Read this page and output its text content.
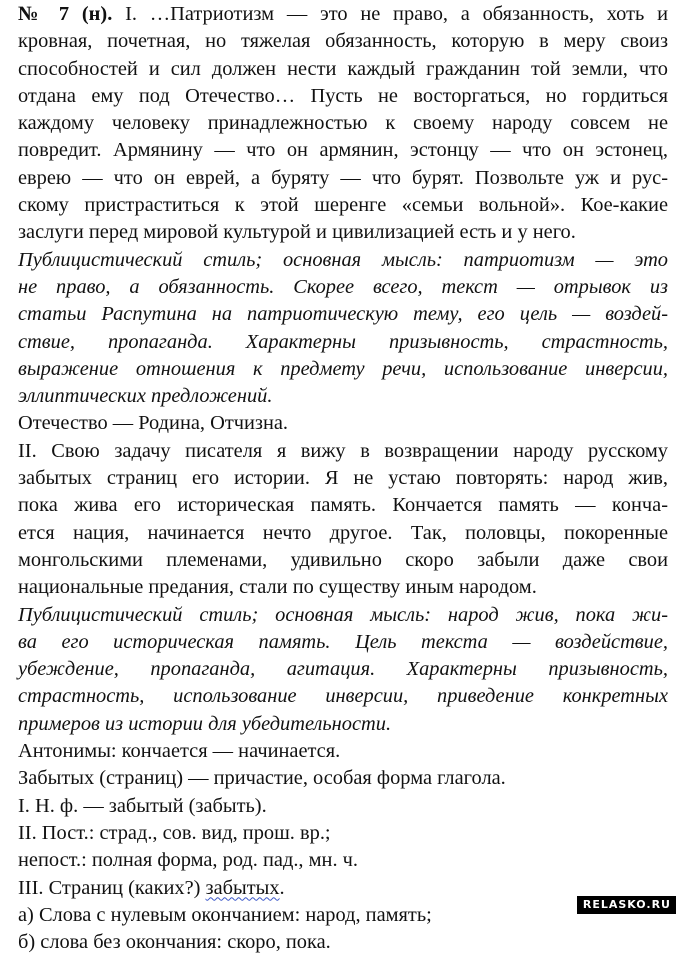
№ 7 (н). I. …Патриотизм — это не право, а обязанность, хоть и
кровная, почетная, но тяжелая обязанность, которую в меру своиз
способностей и сил должен нести каждый гражданин той земли, что
отдана ему под Отечество… Пусть не восторгаться, но гордиться
каждому человеку принадлежностью к своему народу совсем не
повредит. Армянину — что он армянин, эстонцу — что он эстонец,
еврею — что он еврей, а буряту — что бурят. Позвольте уж и рус-
скому пристраститься к этой шеренге «семьи вольной». Кое-какие
заслуги перед мировой культурой и цивилизацией есть и у него.
Публицистический стиль; основная мысль: патриотизм — это
не право, а обязанность. Скорее всего, текст — отрывок из
статьи Распутина на патриотическую тему, его цель — воздей-
ствие, пропаганда. Характерны призывность, страстность,
выражение отношения к предмету речи, использование инверсии,
эллиптических предложений.
Отечество — Родина, Отчизна.
II. Свою задачу писателя я вижу в возвращении народу русскому
забытых страниц его истории. Я не устаю повторять: народ жив,
пока жива его историческая память. Кончается память — конча-
ется нация, начинается нечто другое. Так, половцы, покоренные
монгольскими племенами, удивильно скоро забыли даже свои
национальные предания, стали по существу иным народом.
Публицистический стиль; основная мысль: народ жив, пока жи-
ва его историческая память. Цель текста — воздействие,
убеждение, пропаганда, агитация. Характерны призывность,
страстность, использование инверсии, приведение конкретных
примеров из истории для убедительности.
Антонимы: кончается — начинается.
Забытых (страниц) — причастие, особая форма глагола.
I. Н. ф. — забытый (забыть).
II. Пост.: страд., сов. вид, прош. вр.;
непост.: полная форма, род. пад., мн. ч.
III. Страниц (каких?) забытых.
а) Слова с нулевым окончанием: народ, память;
б) слова без окончания: скоро, пока.
RELASKO.RU
